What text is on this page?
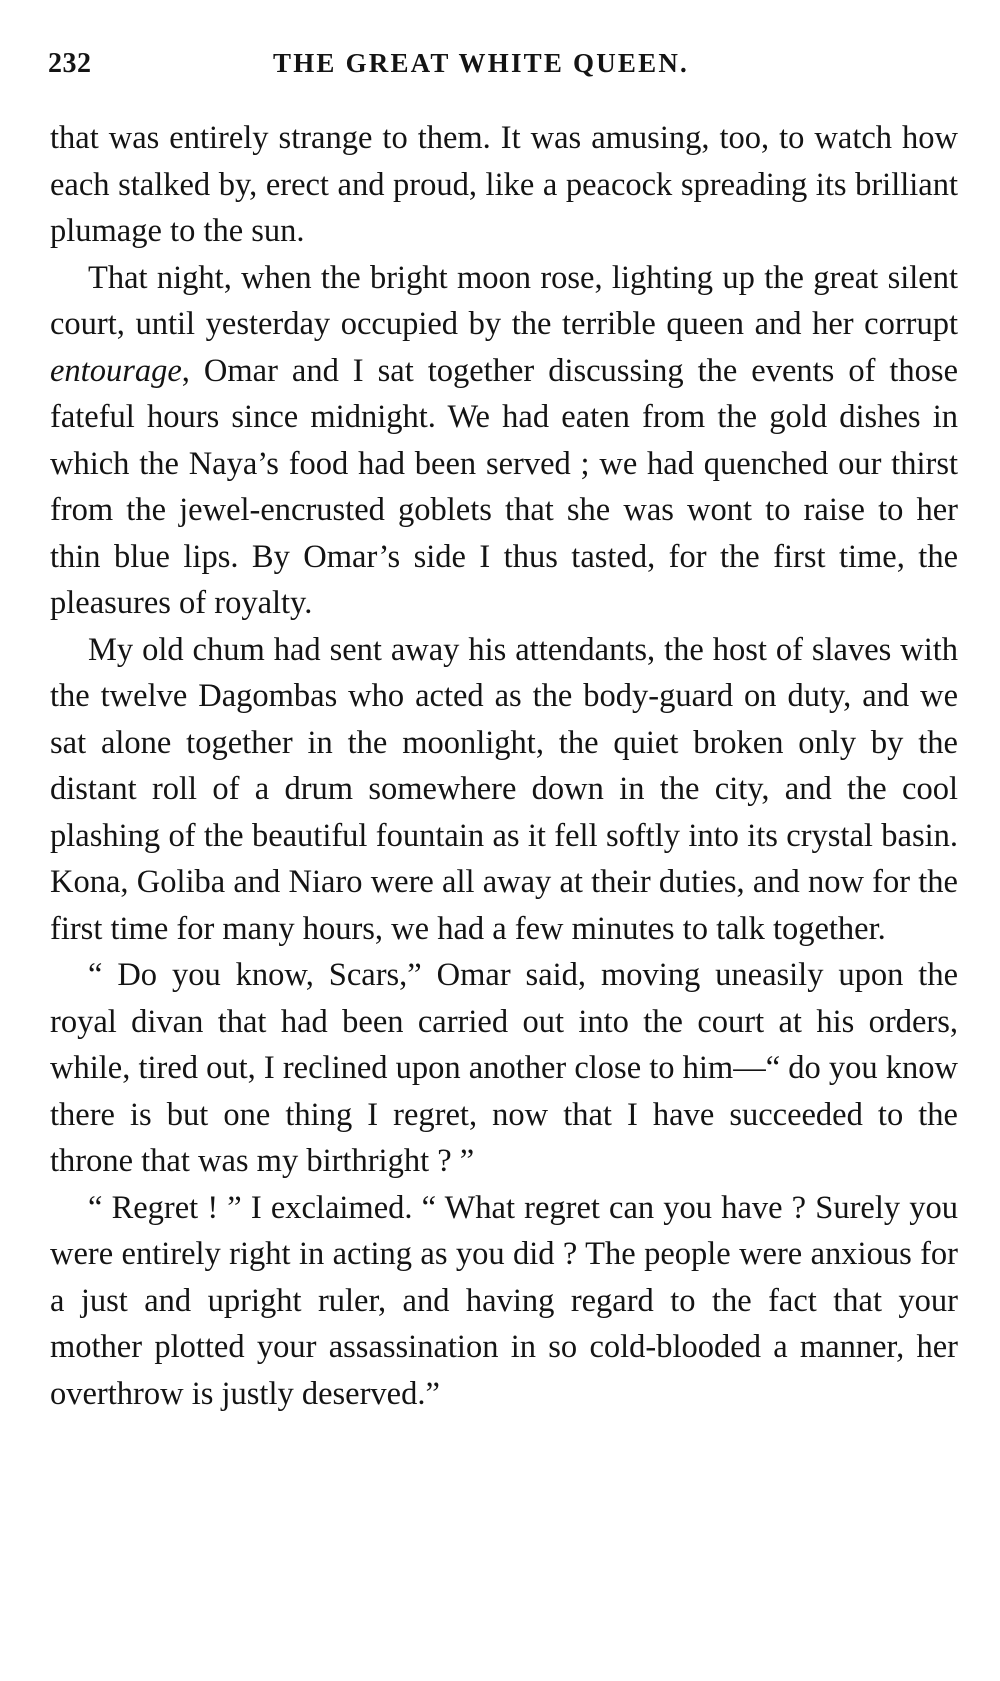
232	THE GREAT WHITE QUEEN.

that was entirely strange to them. It was amusing, too, to watch how each stalked by, erect and proud, like a peacock spreading its brilliant plumage to the sun.

That night, when the bright moon rose, lighting up the great silent court, until yesterday occupied by the terrible queen and her corrupt entourage, Omar and I sat together discussing the events of those fateful hours since midnight. We had eaten from the gold dishes in which the Naya’s food had been served ; we had quenched our thirst from the jewel-encrusted goblets that she was wont to raise to her thin blue lips. By Omar’s side I thus tasted, for the first time, the pleasures of royalty.

My old chum had sent away his attendants, the host of slaves with the twelve Dagombas who acted as the body-guard on duty, and we sat alone together in the moonlight, the quiet broken only by the distant roll of a drum somewhere down in the city, and the cool plashing of the beautiful fountain as it fell softly into its crystal basin. Kona, Goliba and Niaro were all away at their duties, and now for the first time for many hours, we had a few minutes to talk together.

“ Do you know, Scars,” Omar said, moving uneasily upon the royal divan that had been carried out into the court at his orders, while, tired out, I reclined upon another close to him—“ do you know there is but one thing I regret, now that I have succeeded to the throne that was my birthright ? ”

“ Regret ! ” I exclaimed. “ What regret can you have ? Surely you were entirely right in acting as you did ? The people were anxious for a just and upright ruler, and having regard to the fact that your mother plotted your assassination in so cold-blooded a manner, her overthrow is justly deserved.”
